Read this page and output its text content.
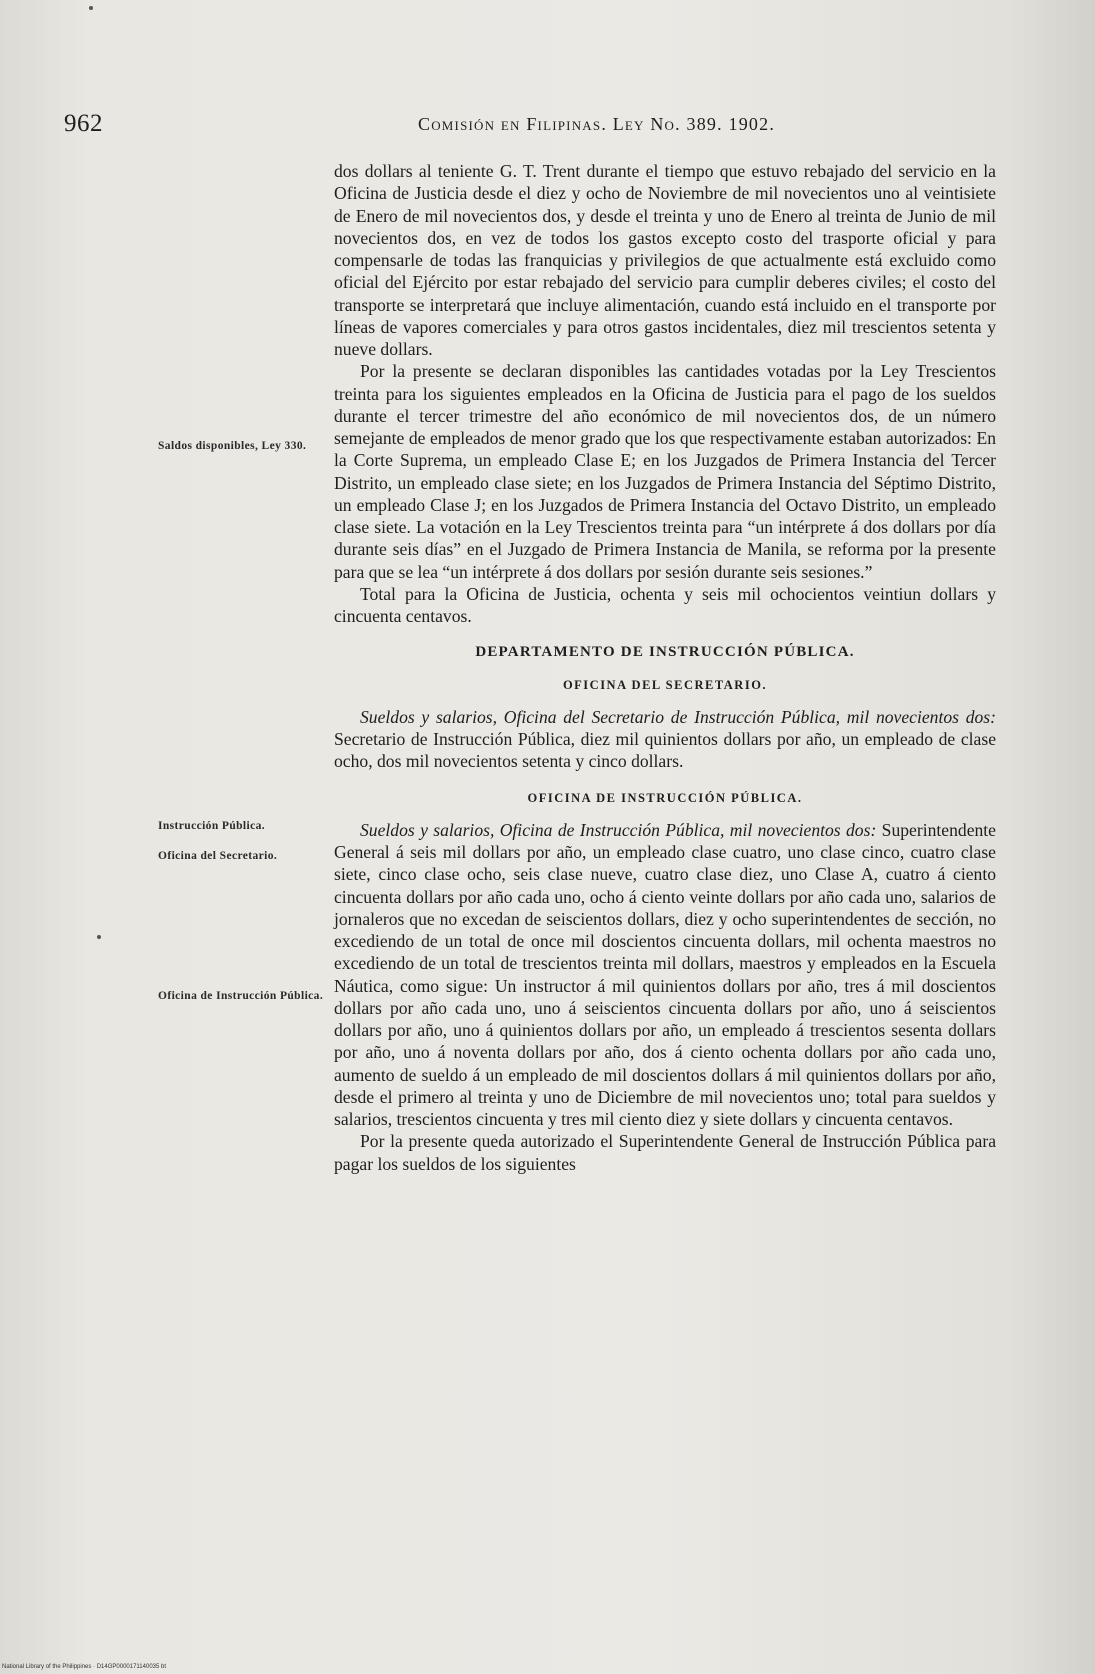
962	Comisión en Filipinas. Ley No. 389. 1902.
Saldos disponibles, Ley 330.
Instrucción Pública.
Oficina del Secretario.
Oficina de Instrucción Pública.

dos dollars al teniente G. T. Trent durante el tiempo que estuvo rebajado del servicio en la Oficina de Justicia desde el diez y ocho de Noviembre de mil novecientos uno al veintisiete de Enero de mil novecientos dos, y desde el treinta y uno de Enero al treinta de Junio de mil novecientos dos, en vez de todos los gastos excepto costo del trasporte oficial y para compensarle de todas las franquicias y privilegios de que actualmente está excluido como oficial del Ejército por estar rebajado del servicio para cumplir deberes civiles; el costo del transporte se interpretará que incluye alimentación, cuando está incluido en el transporte por líneas de vapores comerciales y para otros gastos incidentales, diez mil trescientos setenta y nueve dollars.

Por la presente se declaran disponibles las cantidades votadas por la Ley Trescientos treinta para los siguientes empleados en la Oficina de Justicia para el pago de los sueldos durante el tercer trimestre del año económico de mil novecientos dos, de un número semejante de empleados de menor grado que los que respectivamente estaban autorizados: En la Corte Suprema, un empleado Clase E; en los Juzgados de Primera Instancia del Tercer Distrito, un empleado clase siete; en los Juzgados de Primera Instancia del Séptimo Distrito, un empleado Clase J; en los Juzgados de Primera Instancia del Octavo Distrito, un empleado clase siete. La votación en la Ley Trescientos treinta para “un intérprete á dos dollars por día durante seis días” en el Juzgado de Primera Instancia de Manila, se reforma por la presente para que se lea “un intérprete á dos dollars por sesión durante seis sesiones.”

Total para la Oficina de Justicia, ochenta y seis mil ochocientos veintiun dollars y cincuenta centavos.

DEPARTAMENTO DE INSTRUCCIÓN PÚBLICA.

OFICINA DEL SECRETARIO.

Sueldos y salarios, Oficina del Secretario de Instrucción Pública, mil novecientos dos: Secretario de Instrucción Pública, diez mil quinientos dollars por año, un empleado de clase ocho, dos mil novecientos setenta y cinco dollars.

OFICINA DE INSTRUCCIÓN PÚBLICA.

Sueldos y salarios, Oficina de Instrucción Pública, mil novecientos dos: Superintendente General á seis mil dollars por año, un empleado clase cuatro, uno clase cinco, cuatro clase siete, cinco clase ocho, seis clase nueve, cuatro clase diez, uno Clase A, cuatro á ciento cincuenta dollars por año cada uno, ocho á ciento veinte dollars por año cada uno, salarios de jornaleros que no excedan de seiscientos dollars, diez y ocho superintendentes de sección, no excediendo de un total de once mil doscientos cincuenta dollars, mil ochenta maestros no excediendo de un total de trescientos treinta mil dollars, maestros y empleados en la Escuela Náutica, como sigue: Un instructor á mil quinientos dollars por año, tres á mil doscientos dollars por año cada uno, uno á seiscientos cincuenta dollars por año, uno á seiscientos dollars por año, uno á quinientos dollars por año, un empleado á trescientos sesenta dollars por año, uno á noventa dollars por año, dos á ciento ochenta dollars por año cada uno, aumento de sueldo á un empleado de mil doscientos dollars á mil quinientos dollars por año, desde el primero al treinta y uno de Diciembre de mil novecientos uno; total para sueldos y salarios, trescientos cincuenta y tres mil ciento diez y siete dollars y cincuenta centavos.

Por la presente queda autorizado el Superintendente General de Instrucción Pública para pagar los sueldos de los siguientes

National Library of the Philippines · D14GP0000171140035 bt
